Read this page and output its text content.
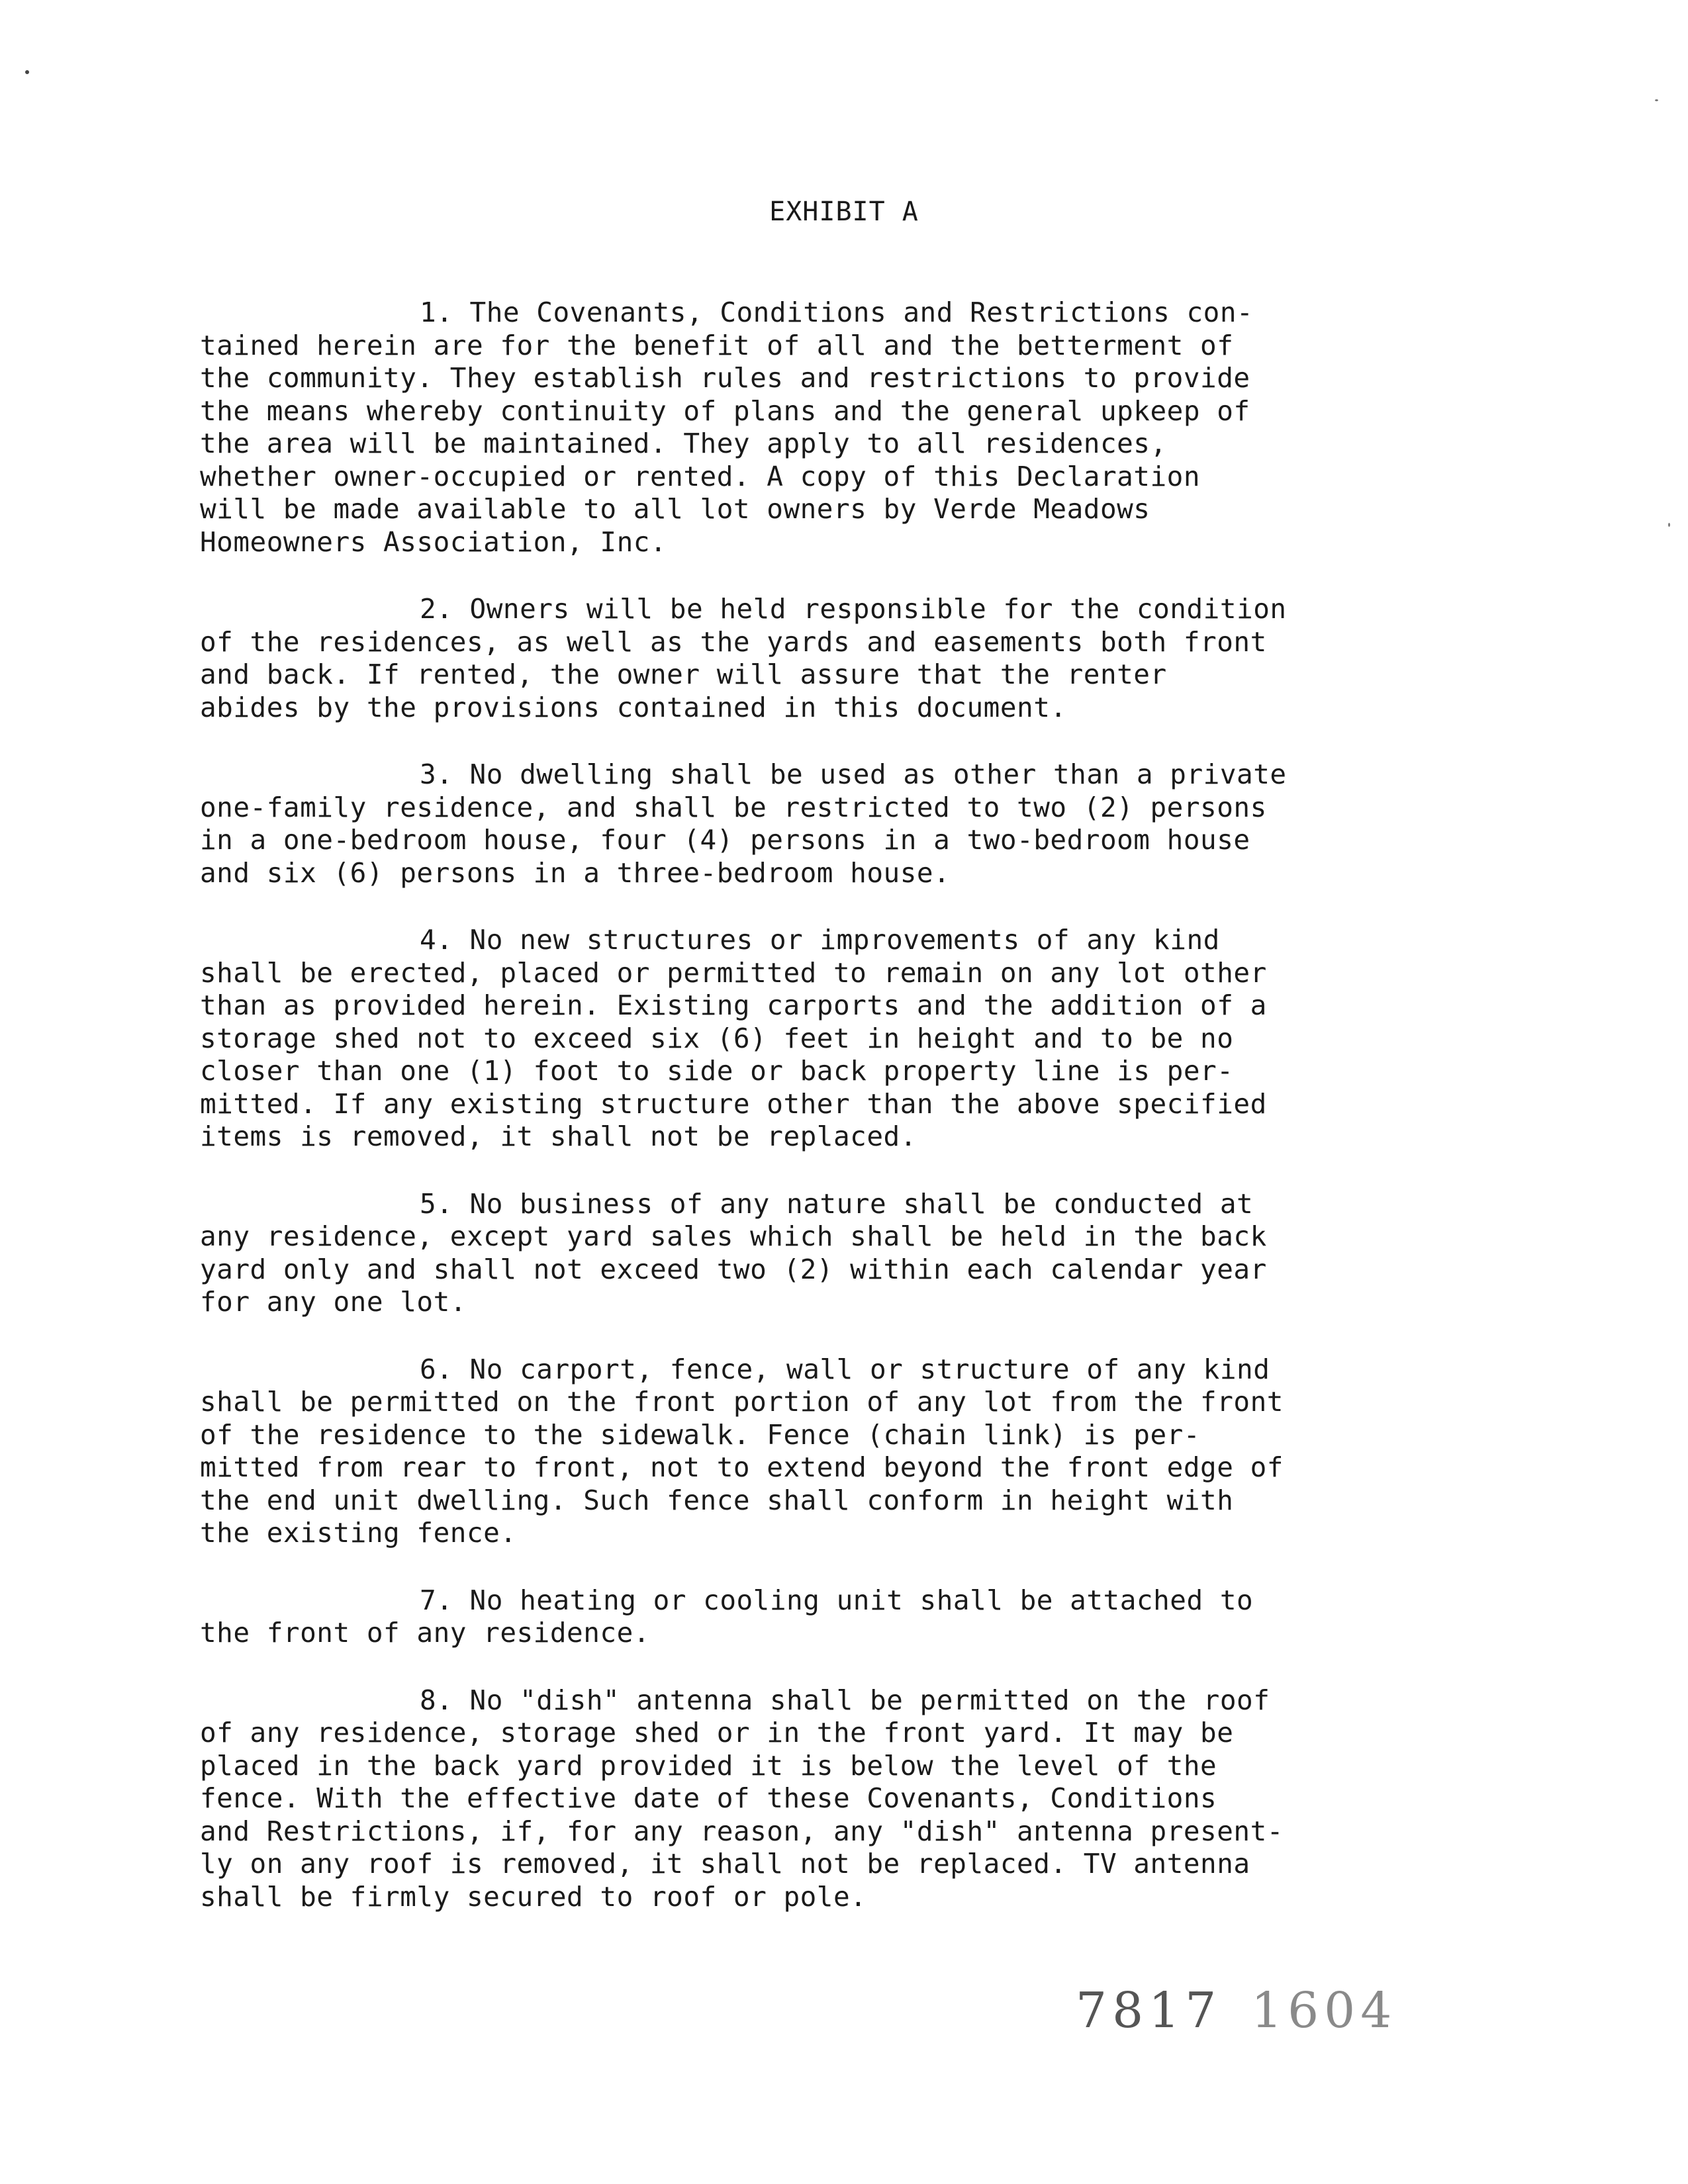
EXHIBIT A
1. The Covenants, Conditions and Restrictions con-
tained herein are for the benefit of all and the betterment of
the community. They establish rules and restrictions to provide
the means whereby continuity of plans and the general upkeep of
the area will be maintained. They apply to all residences,
whether owner-occupied or rented. A copy of this Declaration
will be made available to all lot owners by Verde Meadows
Homeowners Association, Inc.
2. Owners will be held responsible for the condition
of the residences, as well as the yards and easements both front
and back. If rented, the owner will assure that the renter
abides by the provisions contained in this document.
3. No dwelling shall be used as other than a private
one-family residence, and shall be restricted to two (2) persons
in a one-bedroom house, four (4) persons in a two-bedroom house
and six (6) persons in a three-bedroom house.
4. No new structures or improvements of any kind
shall be erected, placed or permitted to remain on any lot other
than as provided herein. Existing carports and the addition of a
storage shed not to exceed six (6) feet in height and to be no
closer than one (1) foot to side or back property line is per-
mitted. If any existing structure other than the above specified
items is removed, it shall not be replaced.
5. No business of any nature shall be conducted at
any residence, except yard sales which shall be held in the back
yard only and shall not exceed two (2) within each calendar year
for any one lot.
6. No carport, fence, wall or structure of any kind
shall be permitted on the front portion of any lot from the front
of the residence to the sidewalk. Fence (chain link) is per-
mitted from rear to front, not to extend beyond the front edge of
the end unit dwelling. Such fence shall conform in height with
the existing fence.
7. No heating or cooling unit shall be attached to
the front of any residence.
8. No "dish" antenna shall be permitted on the roof
of any residence, storage shed or in the front yard. It may be
placed in the back yard provided it is below the level of the
fence. With the effective date of these Covenants, Conditions
and Restrictions, if, for any reason, any "dish" antenna present-
ly on any roof is removed, it shall not be replaced. TV antenna
shall be firmly secured to roof or pole.
7817 1604
